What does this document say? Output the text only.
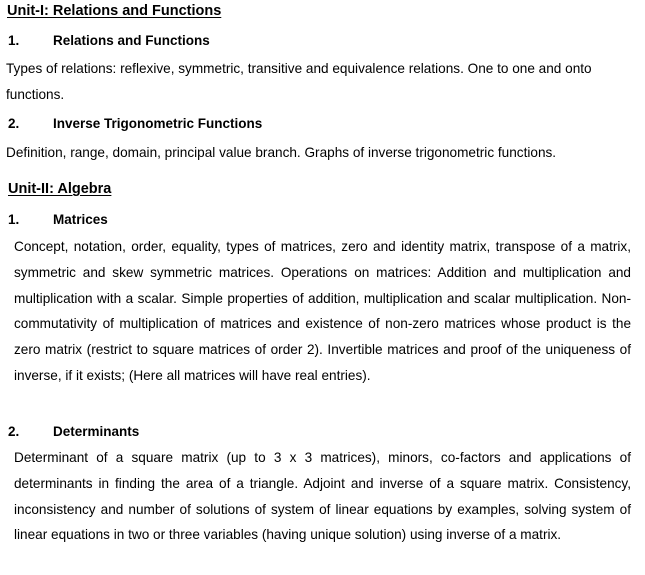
Unit-I: Relations and Functions
1. Relations and Functions

Types of relations: reflexive, symmetric, transitive and equivalence relations. One to one and onto functions.

2. Inverse Trigonometric Functions

Definition, range, domain, principal value branch. Graphs of inverse trigonometric functions.

Unit-II: Algebra
1. Matrices

Concept, notation, order, equality, types of matrices, zero and identity matrix, transpose of a matrix, symmetric and skew symmetric matrices. Operations on matrices: Addition and multiplication and multiplication with a scalar. Simple properties of addition, multiplication and scalar multiplication. Non- commutativity of multiplication of matrices and existence of non-zero matrices whose product is the zero matrix (restrict to square matrices of order 2). Invertible matrices and proof of the uniqueness of inverse, if it exists; (Here all matrices will have real entries).

2. Determinants

Determinant of a square matrix (up to 3 x 3 matrices), minors, co-factors and applications of determinants in finding the area of a triangle. Adjoint and inverse of a square matrix. Consistency, inconsistency and number of solutions of system of linear equations by examples, solving system of linear equations in two or three variables (having unique solution) using inverse of a matrix.
